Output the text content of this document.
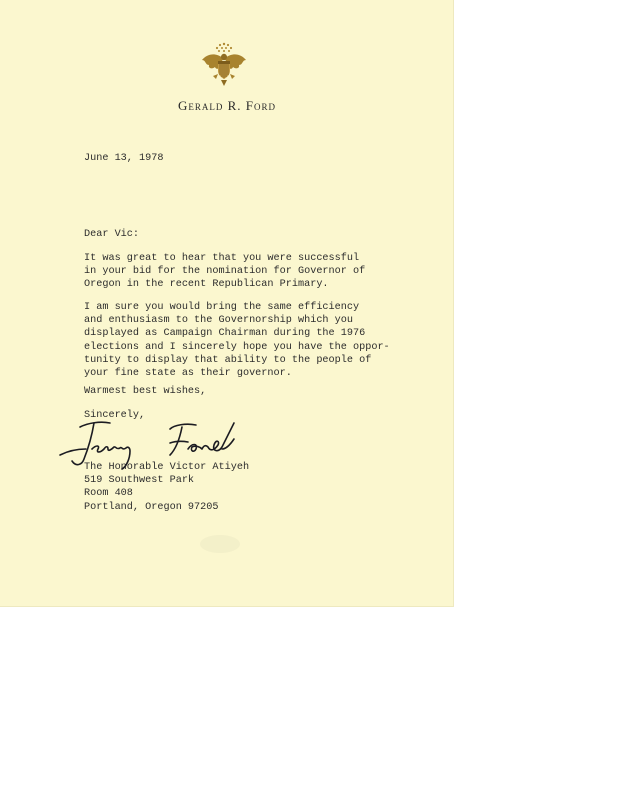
Gerald R. Ford
June 13, 1978
Dear Vic:
It was great to hear that you were successful
in your bid for the nomination for Governor of
Oregon in the recent Republican Primary.
I am sure you would bring the same efficiency
and enthusiasm to the Governorship which you
displayed as Campaign Chairman during the 1976
elections and I sincerely hope you have the oppor-
tunity to display that ability to the people of
your fine state as their governor.
Warmest best wishes,
Sincerely,
The Honorable Victor Atiyeh
519 Southwest Park
Room 408
Portland, Oregon 97205
